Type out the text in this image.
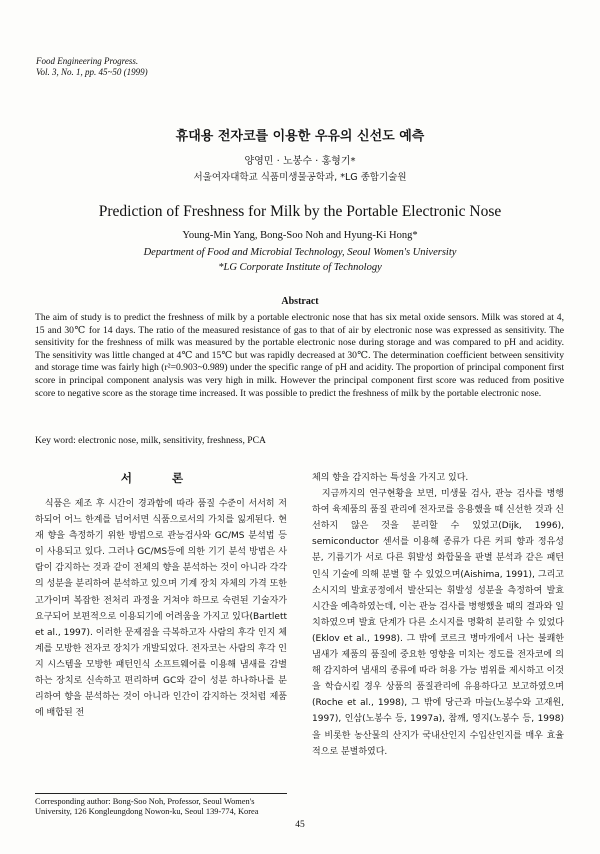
Food Engineering Progress.
Vol. 3, No. 1, pp. 45~50 (1999)
휴대용 전자코를 이용한 우유의 신선도 예측
양영민 · 노봉수 · 홍형기*
서울여자대학교 식품미생물공학과, *LG 종합기술원
Prediction of Freshness for Milk by the Portable Electronic Nose
Young-Min Yang, Bong-Soo Noh and Hyung-Ki Hong*
Department of Food and Microbial Technology, Seoul Women's University
*LG Corporate Institute of Technology
Abstract
The aim of study is to predict the freshness of milk by a portable electronic nose that has six metal oxide sensors. Milk was stored at 4, 15 and 30℃ for 14 days. The ratio of the measured resistance of gas to that of air by electronic nose was expressed as sensitivity. The sensitivity for the freshness of milk was measured by the portable electronic nose during storage and was compared to pH and acidity. The sensitivity was little changed at 4℃ and 15℃ but was rapidly decreased at 30℃. The determination coefficient between sensitivity and storage time was fairly high (r²=0.903~0.989) under the specific range of pH and acidity. The proportion of principal component first score in principal component analysis was very high in milk. However the principal component first score was reduced from positive score to negative score as the storage time increased. It was possible to predict the freshness of milk by the portable electronic nose.
Key word: electronic nose, milk, sensitivity, freshness, PCA
서 론

식품은 제조 후 시간이 경과함에 따라 품질 수준이 서서히 저하되어 어느 한계를 넘어서면 식품으로서의 가치를 잃게된다. 현재 향을 측정하기 위한 방법으로 관능검사와 GC/MS 분석법 등이 사용되고 있다. 그러나 GC/MS등에 의한 기기 분석 방법은 사람이 감지하는 것과 같이 전체의 향을 분석하는 것이 아니라 각각의 성분을 분리하여 분석하고 있으며 기계 장치 자체의 가격 또한 고가이며 복잡한 전처리 과정을 거쳐야 하므로 숙련된 기술자가 요구되어 보편적으로 이용되기에 어려움을 가지고 있다(Bartlett et al., 1997). 이러한 문제점을 극복하고자 사람의 후각 인지 체계를 모방한 전자코 장치가 개발되었다. 전자코는 사람의 후각 인지 시스템을 모방한 패턴인식 소프트웨어를 이용해 냄새를 감별하는 장치로 신속하고 편리하며 GC와 같이 성분 하나하나를 분리하여 향을 분석하는 것이 아니라 인간이 감지하는 것처럼 제품에 배합된 전

체의 향을 감지하는 특성을 가지고 있다.

지금까지의 연구현황을 보면, 미생물 검사, 관능 검사를 병행하여 육제품의 품질 관리에 전자코를 응용했을 때 신선한 것과 신선하지 않은 것을 분리할 수 있었고(Dijk, 1996), semiconductor 센서를 이용해 종류가 다른 커피 향과 정유성분, 기름기가 서로 다른 휘발성 화합물을 판별 분석과 같은 패턴 인식 기술에 의해 분별 할 수 있었으며(Aishima, 1991), 그리고 소시지의 발효공정에서 발산되는 휘발성 성분을 측정하여 발효 시간을 예측하였는데, 이는 관능 검사를 병행했을 때의 결과와 일치하였으며 발효 단계가 다른 소시지를 명확히 분리할 수 있었다(Eklov et al., 1998). 그 밖에 코르크 병마개에서 나는 불쾌한 냄새가 제품의 품질에 중요한 영향을 미치는 정도를 전자코에 의해 감지하여 냄새의 종류에 따라 허용 가능 범위를 제시하고 이것을 학습시킬 경우 상품의 품질관리에 유용하다고 보고하였으며(Roche et al., 1998), 그 밖에 당근과 마늘(노봉수와 고재원, 1997), 인삼(노봉수 등, 1997a), 참깨, 영지(노봉수 등, 1998)을 비롯한 농산물의 산지가 국내산인지 수입산인지를 매우 효율적으로 분별하였다.

Corresponding author: Bong-Soo Noh, Professor, Seoul Women's University, 126 Kongleungdong Nowon-ku, Seoul 139-774, Korea
45
